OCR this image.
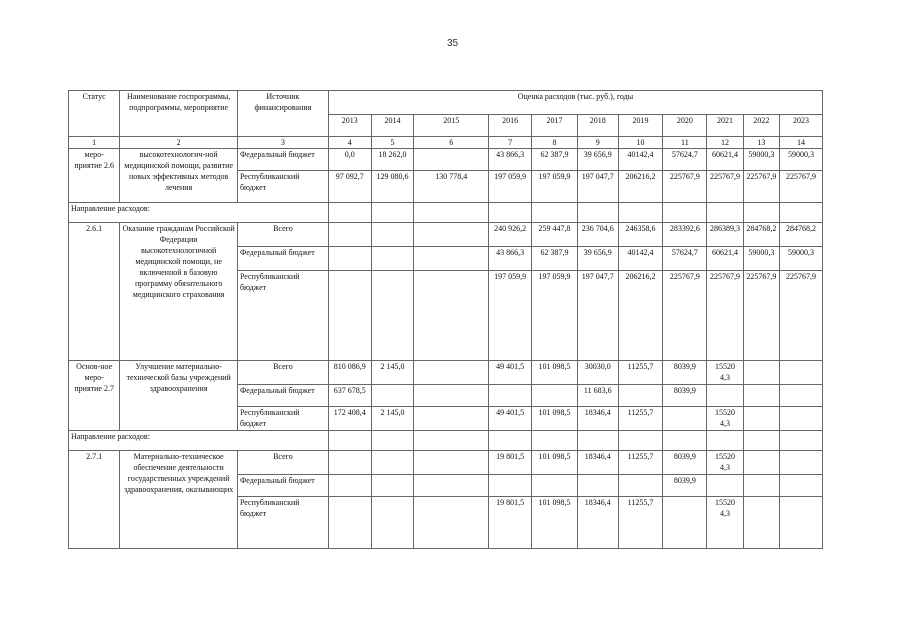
35
Статус	Наименование госпрограммы, подпрограммы, мероприятие	Источник финансирования	Оценка расходов (тыс. руб.), годы										
			2013	2014	2015	2016	2017	2018	2019	2020	2021	2022	2023
1	2	3	4	5	6	7	8	9	10	11	12	13	14
меро-приятие 2.6	высокотехнологич-ной медицинской помощи, развитие новых эффективных методов лечения	Федеральный бюджет	0,0	18 262,0		43 866,3	62 387,9	39 656,9	40142,4	57624,7	60621,4	59000,3	59000,3
		Республиканский бюджет	97 092,7	129 080,6	130 778,4	197 059,9	197 059,9	197 047,7	206216,2	225767,9	225767,9	225767,9	225767,9
Направление расходов:													
2.6.1	Оказание гражданам Российской Федерации высокотехнологичной медицинской помощи, не включенной в базовую программу обязательного медицинского страхования	Всего				240 926,2	259 447,8	236 704,6	246358,6	283392,6	286389,3	284768,2	284768,2
		Федеральный бюджет				43 866,3	62 387,9	39 656,9	40142,4	57624,7	60621,4	59000,3	59000,3
		Республиканский бюджет				197 059,9	197 059,9	197 047,7	206216,2	225767,9	225767,9	225767,9	225767,9
Основ-ное меро-приятие 2.7	Улучшение материально-технической базы учреждений здравоохранения	Всего	810 086,9	2 145,0		49 401,5	101 098,5	30030,0	11255,7	8039,9	15520 4,3		
		Федеральный бюджет	637 678,5					11 683,6		8039,9			
		Республиканский бюджет	172 408,4	2 145,0		49 401,5	101 098,5	18346,4	11255,7		15520 4,3		
Направление расходов:													
2.7.1	Материально-техническое обеспечение деятельности государственных учреждений здравоохранения, оказывающих	Всего				19 801,5	101 098,5	18346,4	11255,7	8039,9	15520 4,3		
		Федеральный бюджет								8039,9			
		Республиканский бюджет				19 801,5	101 098,5	18346,4	11255,7		15520 4,3		
